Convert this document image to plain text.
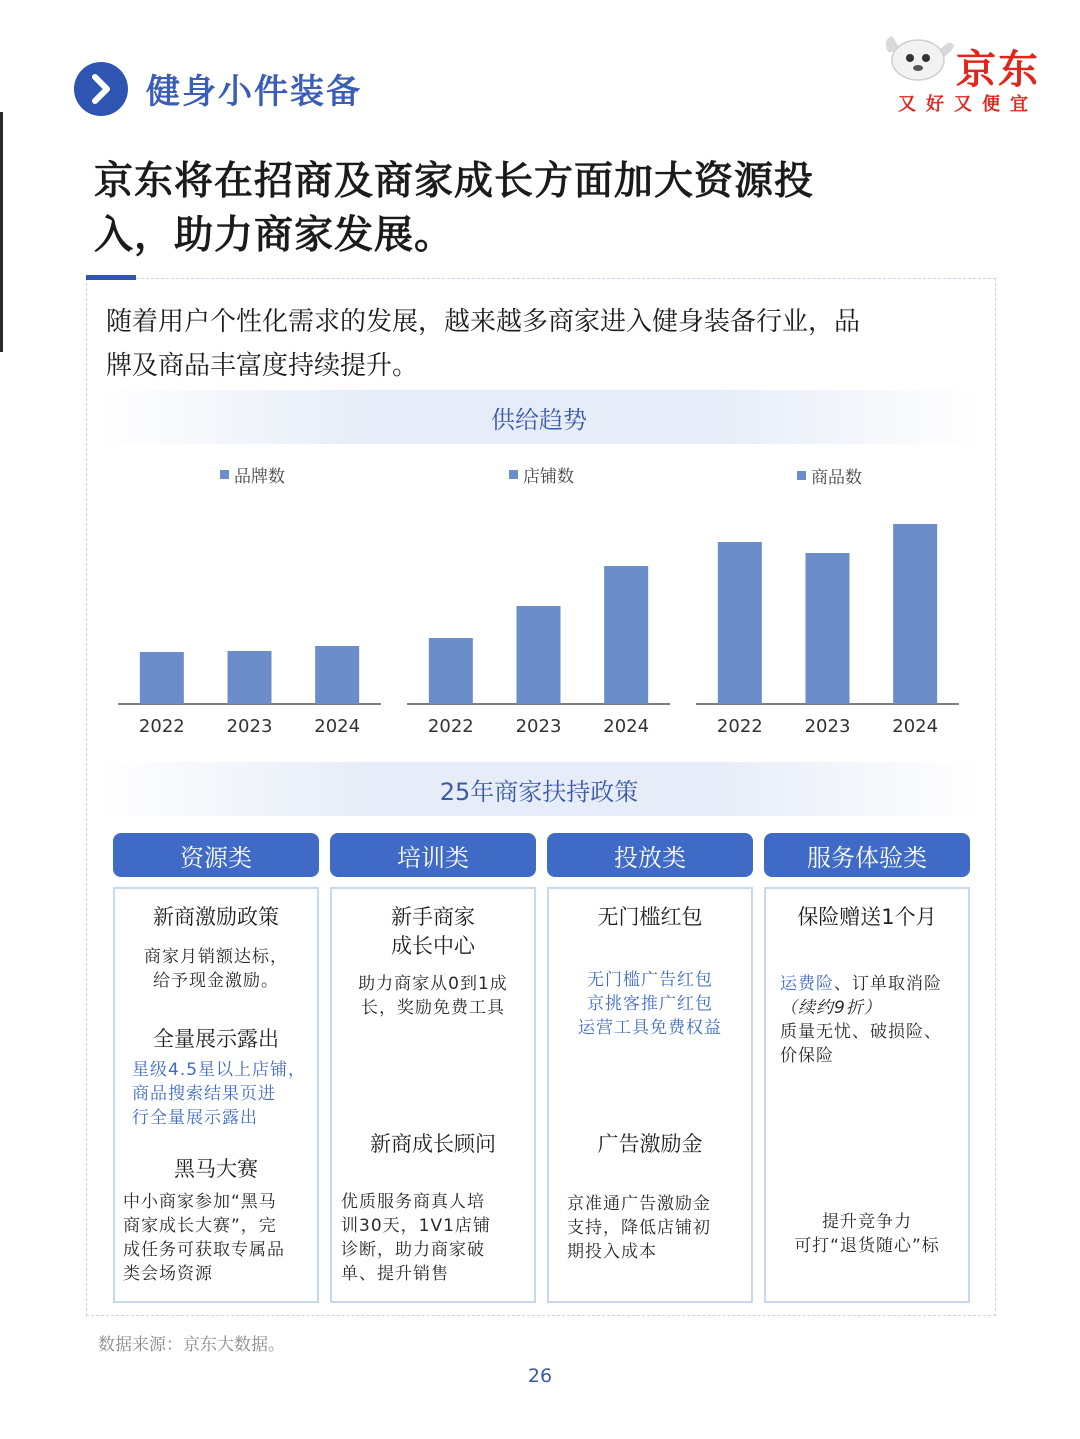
健身小件装备	京东
又好又便宜
京东将在招商及商家成长方面加大资源投
入，助力商家发展。
随着用户个性化需求的发展，越来越多商家进入健身装备行业，品
牌及商品丰富度持续提升。
供给趋势
品牌数	店铺数	商品数
2022 2023 2024	2022 2023 2024	2022 2023 2024
25年商家扶持政策
资源类	培训类	投放类	服务体验类
新商激励政策
商家月销额达标，
给予现金激励。
全量展示露出
星级4.5星以上店铺，
商品搜索结果页进
行全量展示露出
黑马大赛
中小商家参加“黑马
商家成长大赛”，完
成任务可获取专属品
类会场资源
新手商家
成长中心
助力商家从0到1成
长，奖励免费工具
新商成长顾问
优质服务商真人培
训30天，1V1店铺
诊断，助力商家破
单、提升销售
无门槛红包
无门槛广告红包
京挑客推广红包
运营工具免费权益
广告激励金
京准通广告激励金
支持，降低店铺初
期投入成本
保险赠送1个月
运费险、订单取消险
（续约9折）
质量无忧、破损险、
价保险
提升竞争力
可打“退货随心”标
数据来源：京东大数据。
26
